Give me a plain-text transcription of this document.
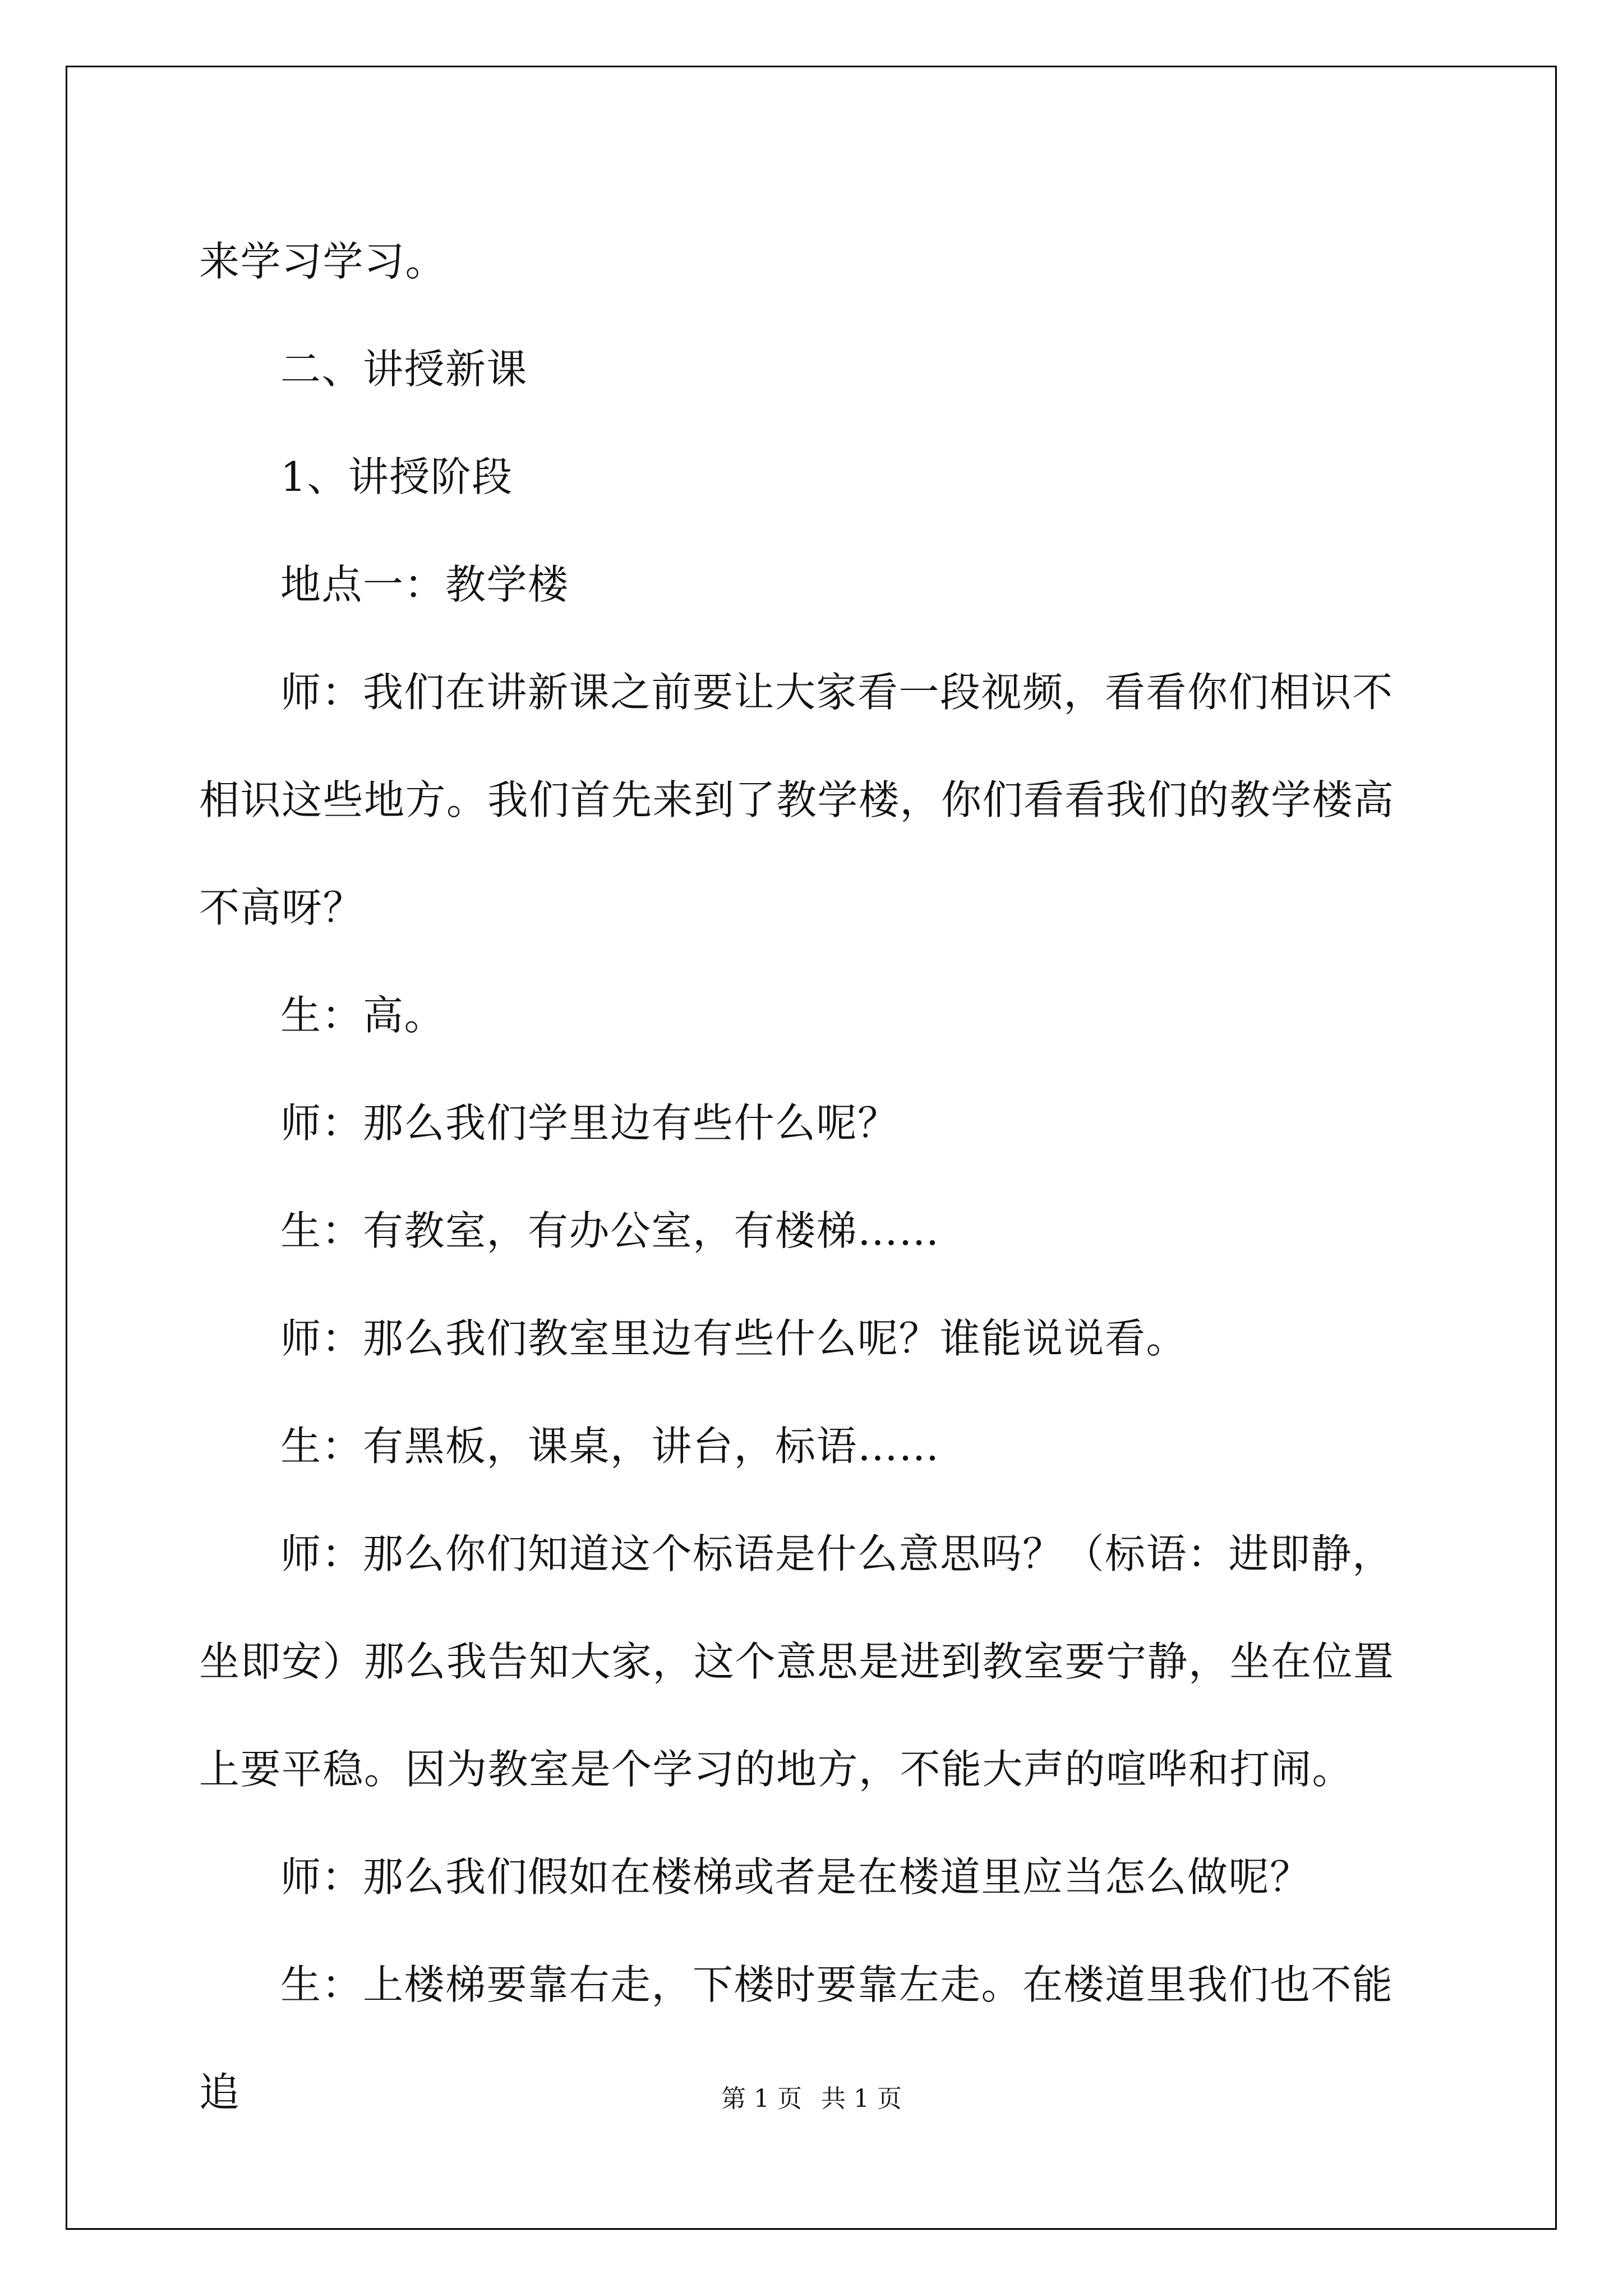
来学习学习。

二、讲授新课

1、讲授阶段

地点一：教学楼

师：我们在讲新课之前要让大家看一段视频，看看你们相识不相识这些地方。我们首先来到了教学楼，你们看看我们的教学楼高不高呀？

生：高。

师：那么我们学里边有些什么呢？

生：有教室，有办公室，有楼梯……

师：那么我们教室里边有些什么呢？谁能说说看。

生：有黑板，课桌，讲台，标语……

师：那么你们知道这个标语是什么意思吗？（标语：进即静，坐即安）那么我告知大家，这个意思是进到教室要宁静，坐在位置上要平稳。因为教室是个学习的地方，不能大声的喧哗和打闹。

师：那么我们假如在楼梯或者是在楼道里应当怎么做呢？

生：上楼梯要靠右走，下楼时要靠左走。在楼道里我们也不能追	第 1 页 共 1 页
